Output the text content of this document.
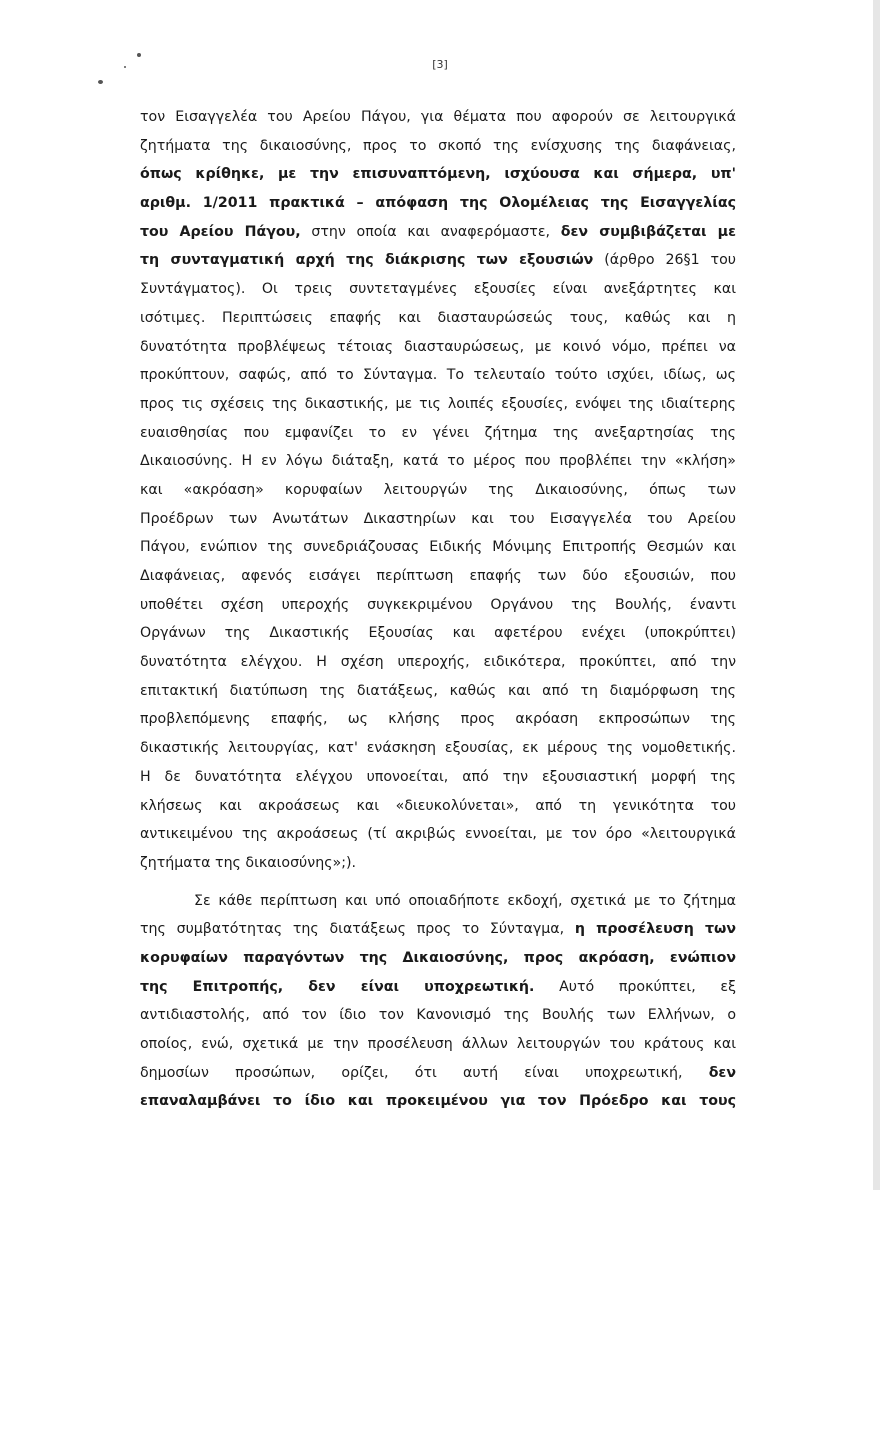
[3]
τον Εισαγγελέα του Αρείου Πάγου, για θέματα που αφορούν σε λειτουργικά
ζητήματα της δικαιοσύνης, προς το σκοπό της ενίσχυσης της διαφάνειας,
όπως κρίθηκε, με την επισυναπτόμενη, ισχύουσα και σήμερα, υπ'
αριθμ. 1/2011 πρακτικά – απόφαση της Ολομέλειας της Εισαγγελίας
του Αρείου Πάγου, στην οποία και αναφερόμαστε, δεν συμβιβάζεται με
τη συνταγματική αρχή της διάκρισης των εξουσιών (άρθρο 26§1 του
Συντάγματος). Οι τρεις συντεταγμένες εξουσίες είναι ανεξάρτητες και
ισότιμες. Περιπτώσεις επαφής και διασταυρώσεώς τους, καθώς και η
δυνατότητα προβλέψεως τέτοιας διασταυρώσεως, με κοινό νόμο, πρέπει να
προκύπτουν, σαφώς, από το Σύνταγμα. Το τελευταίο τούτο ισχύει, ιδίως, ως
προς τις σχέσεις της δικαστικής, με τις λοιπές εξουσίες, ενόψει της ιδιαίτερης
ευαισθησίας που εμφανίζει το εν γένει ζήτημα της ανεξαρτησίας της
Δικαιοσύνης. Η εν λόγω διάταξη, κατά το μέρος που προβλέπει την «κλήση»
και «ακρόαση» κορυφαίων λειτουργών της Δικαιοσύνης, όπως των
Προέδρων των Ανωτάτων Δικαστηρίων και του Εισαγγελέα του Αρείου
Πάγου, ενώπιον της συνεδριάζουσας Ειδικής Μόνιμης Επιτροπής Θεσμών και
Διαφάνειας, αφενός εισάγει περίπτωση επαφής των δύο εξουσιών, που
υποθέτει σχέση υπεροχής συγκεκριμένου Οργάνου της Βουλής, έναντι
Οργάνων της Δικαστικής Εξουσίας και αφετέρου ενέχει (υποκρύπτει)
δυνατότητα ελέγχου. Η σχέση υπεροχής, ειδικότερα, προκύπτει, από την
επιτακτική διατύπωση της διατάξεως, καθώς και από τη διαμόρφωση της
προβλεπόμενης επαφής, ως κλήσης προς ακρόαση εκπροσώπων της
δικαστικής λειτουργίας, κατ' ενάσκηση εξουσίας, εκ μέρους της νομοθετικής.
Η δε δυνατότητα ελέγχου υπονοείται, από την εξουσιαστική μορφή της
κλήσεως και ακροάσεως και «διευκολύνεται», από τη γενικότητα του
αντικειμένου της ακροάσεως (τί ακριβώς εννοείται, με τον όρο «λειτουργικά
ζητήματα της δικαιοσύνης»;).
Σε κάθε περίπτωση και υπό οποιαδήποτε εκδοχή, σχετικά με το ζήτημα
της συμβατότητας της διατάξεως προς το Σύνταγμα, η προσέλευση των
κορυφαίων παραγόντων της Δικαιοσύνης, προς ακρόαση, ενώπιον
της Επιτροπής, δεν είναι υποχρεωτική. Αυτό προκύπτει, εξ
αντιδιαστολής, από τον ίδιο τον Κανονισμό της Βουλής των Ελλήνων, ο
οποίος, ενώ, σχετικά με την προσέλευση άλλων λειτουργών του κράτους και
δημοσίων προσώπων, ορίζει, ότι αυτή είναι υποχρεωτική, δεν
επαναλαμβάνει το ίδιο και προκειμένου για τον Πρόεδρο και τους
